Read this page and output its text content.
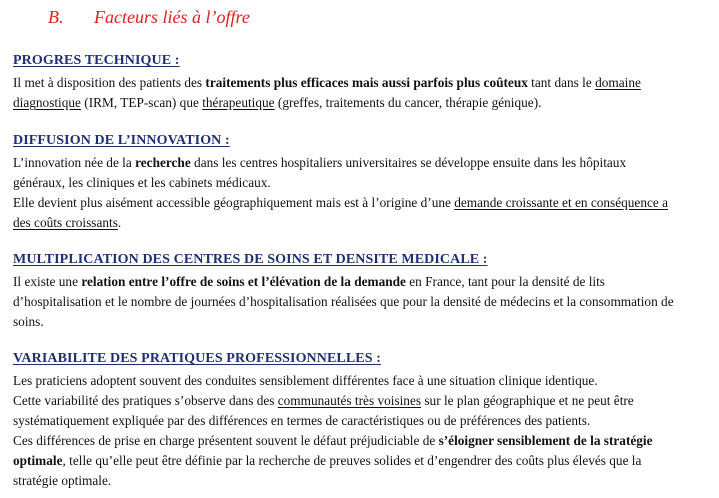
B. Facteurs liés à l’offre
PROGRES TECHNIQUE :
Il met à disposition des patients des traitements plus efficaces mais aussi parfois plus coûteux tant dans le domaine
diagnostique (IRM, TEP-scan) que thérapeutique (greffes, traitements du cancer, thérapie génique).
DIFFUSION DE L’INNOVATION :
L’innovation née de la recherche dans les centres hospitaliers universitaires se développe ensuite dans les hôpitaux
généraux, les cliniques et les cabinets médicaux.
Elle devient plus aisément accessible géographiquement mais est à l’origine d’une demande croissante et en conséquence a
des coûts croissants.
MULTIPLICATION DES CENTRES DE SOINS ET DENSITE MEDICALE :
Il existe une relation entre l’offre de soins et l’élévation de la demande en France, tant pour la densité de lits
d’hospitalisation et le nombre de journées d’hospitalisation réalisées que pour la densité de médecins et la consommation de
soins.
VARIABILITE DES PRATIQUES PROFESSIONNELLES :
Les praticiens adoptent souvent des conduites sensiblement différentes face à une situation clinique identique.
Cette variabilité des pratiques s’observe dans des communautés très voisines sur le plan géographique et ne peut être
systématiquement expliquée par des différences en termes de caractéristiques ou de préférences des patients.
Ces différences de prise en charge présentent souvent le défaut préjudiciable de s’éloigner sensiblement de la stratégie
optimale, telle qu’elle peut être définie par la recherche de preuves solides et d’engendrer des coûts plus élevés que la
stratégie optimale.
